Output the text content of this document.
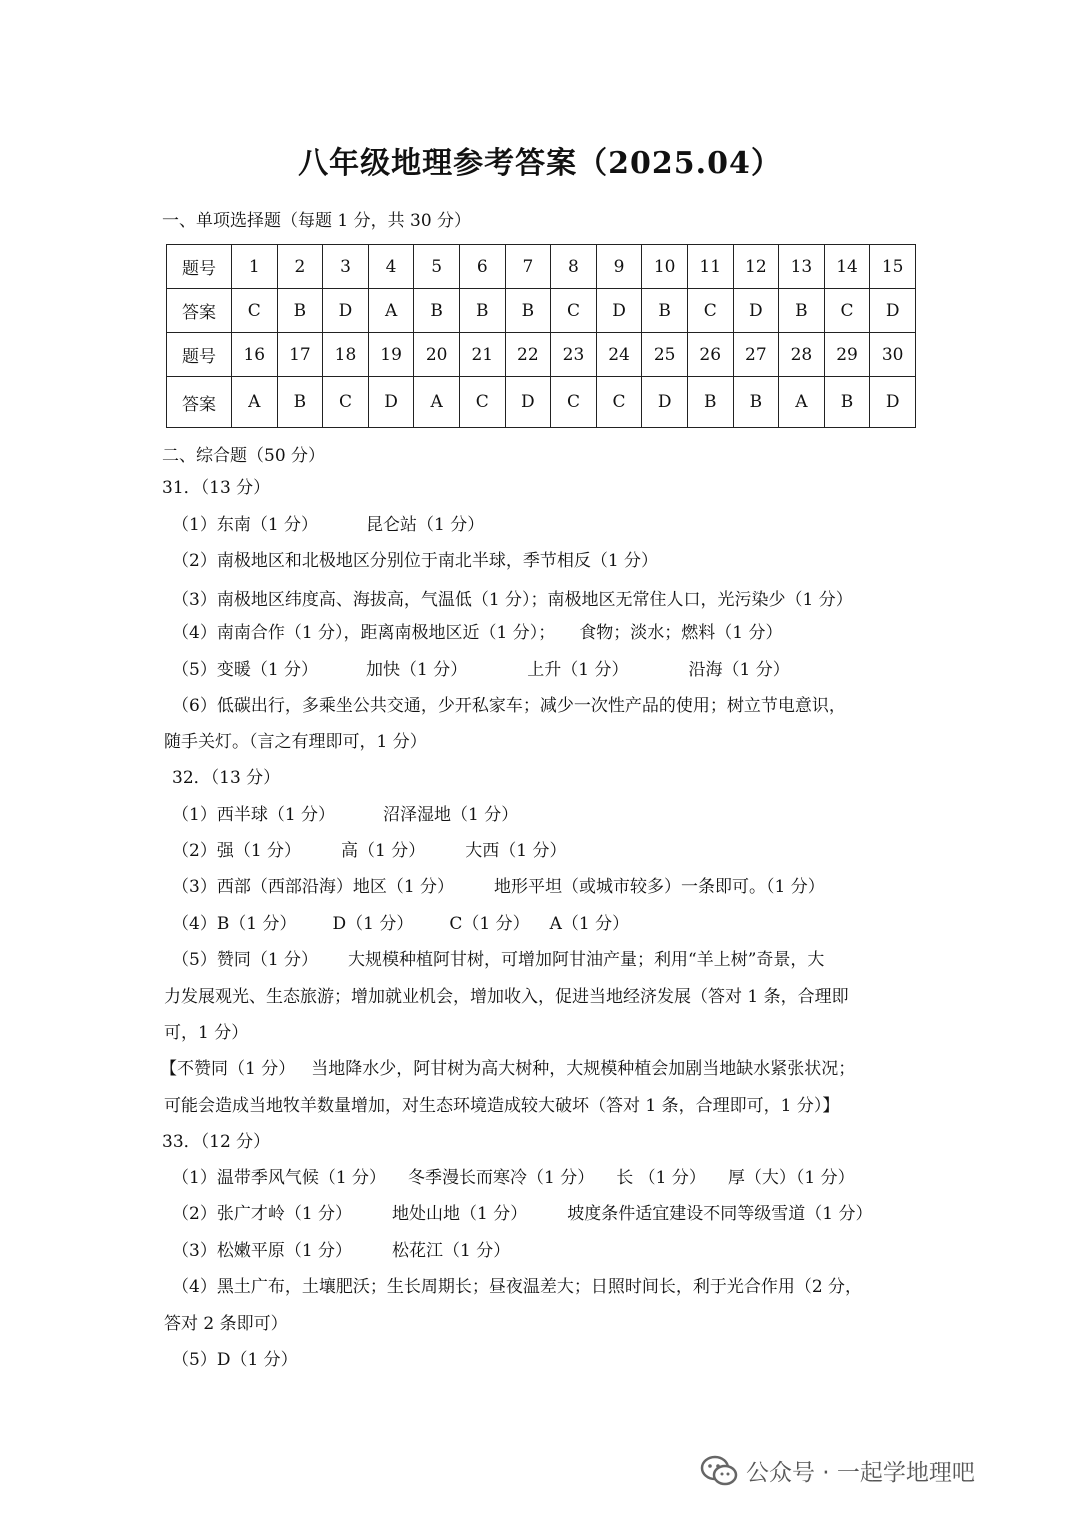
八年级地理参考答案（2025.04）
一、单项选择题（每题 1 分，共 30 分）
题号	1	2	3	4	5	6	7	8	9	10	11	12	13	14	15
答案	C	B	D	A	B	B	B	C	D	B	C	D	B	C	D
题号	16	17	18	19	20	21	22	23	24	25	26	27	28	29	30
答案	A	B	C	D	A	C	D	C	C	D	B	B	A	B	D
二、综合题（50 分）
31．（13 分）
（1）东南（1 分）	昆仑站（1 分）
（2）南极地区和北极地区分别位于南北半球，季节相反（1 分）
（3）南极地区纬度高、海拔高，气温低（1 分）；南极地区无常住人口，光污染少（1 分）
（4）南南合作（1 分），距离南极地区近（1 分）； 食物；淡水；燃料（1 分）
（5）变暖（1 分）	加快（1 分）	上升（1 分）	沿海（1 分）
（6）低碳出行，多乘坐公共交通，少开私家车；减少一次性产品的使用；树立节电意识，
随手关灯。（言之有理即可，1 分）
32．（13 分）
（1）西半球（1 分）	沼泽湿地（1 分）
（2）强（1 分） 高（1 分） 大西（1 分）
（3）西部（西部沿海）地区（1 分） 地形平坦（或城市较多）一条即可。（1 分）
（4）B（1 分） D（1 分） C（1 分） A（1 分）
（5）赞同（1 分） 大规模种植阿甘树，可增加阿甘油产量；利用“羊上树”奇景，大
力发展观光、生态旅游；增加就业机会，增加收入，促进当地经济发展（答对 1 条，合理即
可，1 分）
【不赞同（1 分） 当地降水少，阿甘树为高大树种，大规模种植会加剧当地缺水紧张状况；
可能会造成当地牧羊数量增加，对生态环境造成较大破坏（答对 1 条，合理即可，1 分）】
33．（12 分）
（1）温带季风气候（1 分） 冬季漫长而寒冷（1 分） 长 （1 分） 厚（大）（1 分）
（2）张广才岭（1 分） 地处山地（1 分） 坡度条件适宜建设不同等级雪道（1 分）
（3）松嫩平原（1 分） 松花江（1 分）
（4）黑土广布，土壤肥沃；生长周期长；昼夜温差大；日照时间长，利于光合作用（2 分，
答对 2 条即可）
（5）D（1 分）
公众号 · 一起学地理吧
